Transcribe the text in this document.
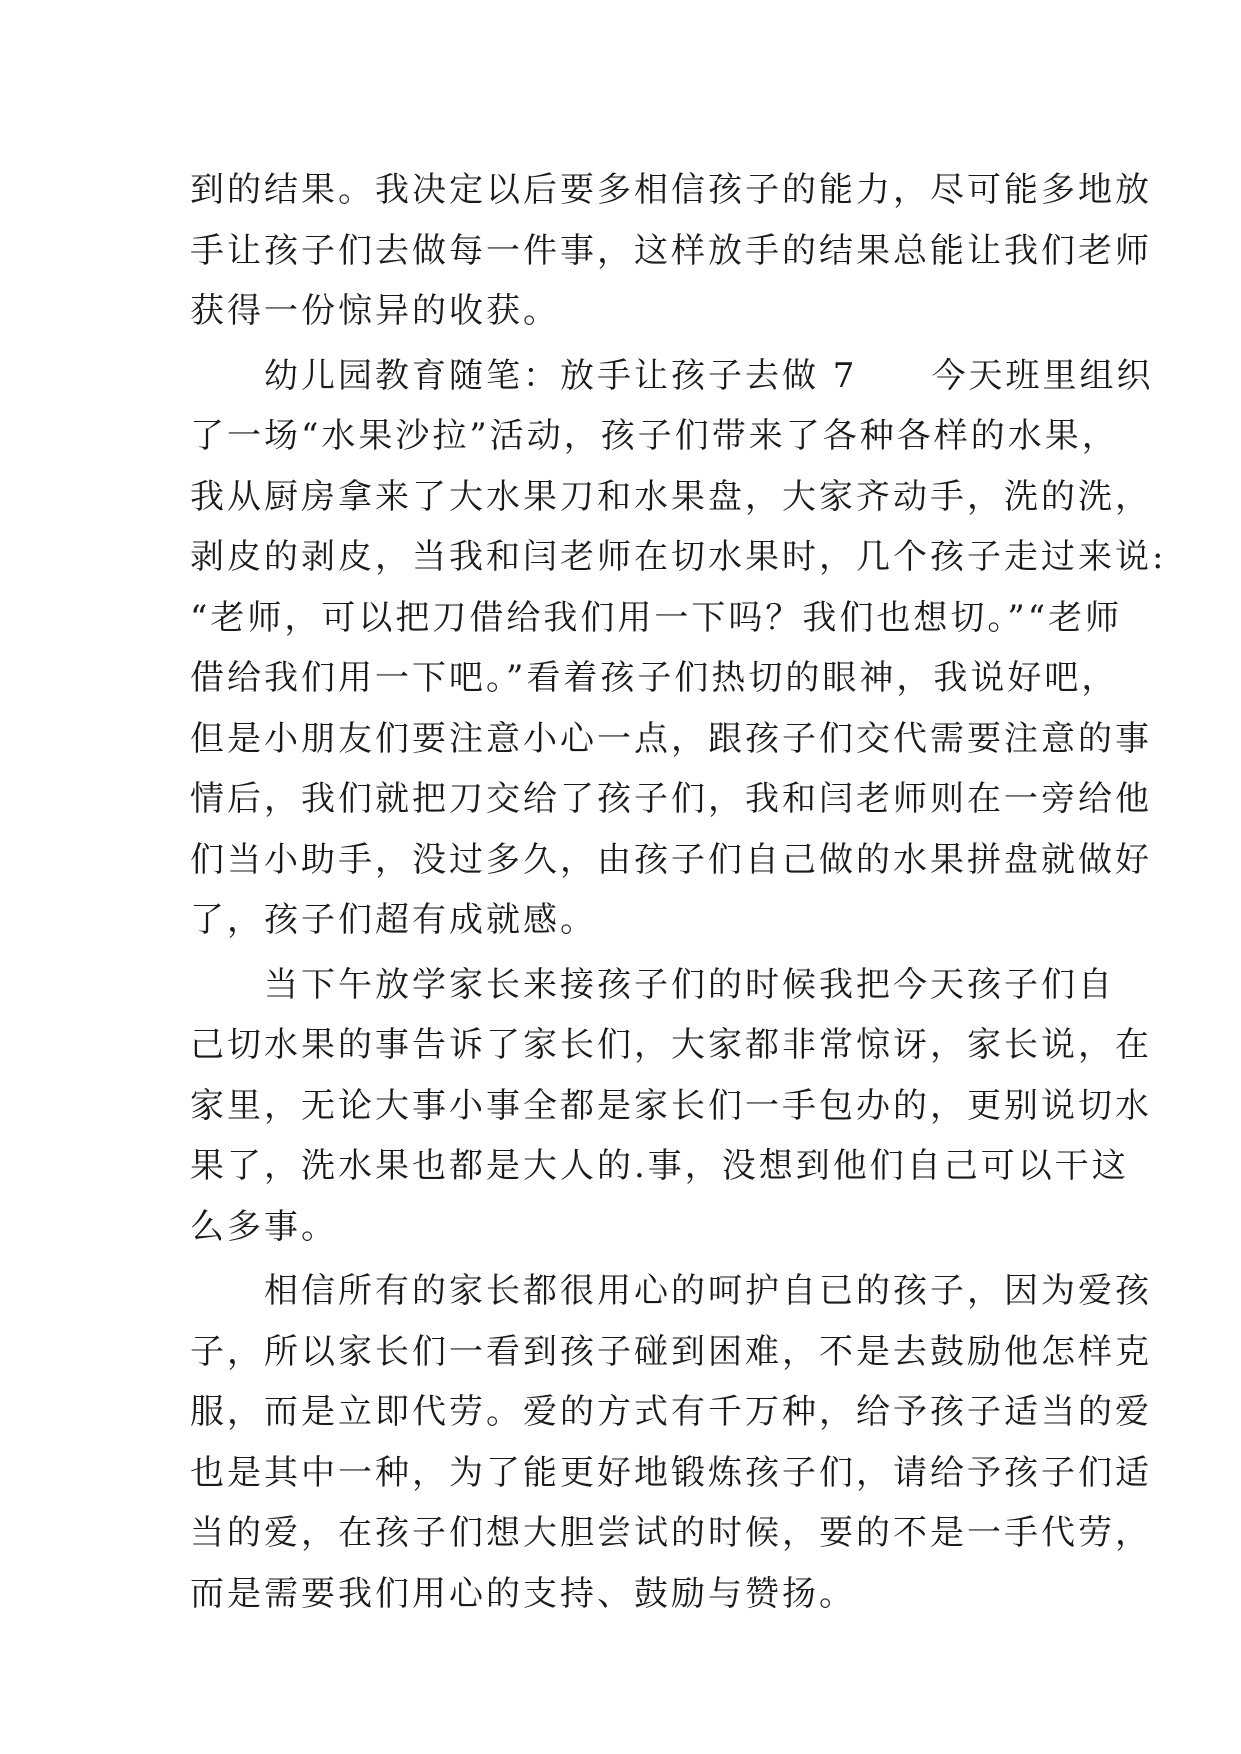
到的结果。我决定以后要多相信孩子的能力，尽可能多地放
手让孩子们去做每一件事，这样放手的结果总能让我们老师
获得一份惊异的收获。
　　幼儿园教育随笔：放手让孩子去做 7　　今天班里组织
了一场“水果沙拉”活动，孩子们带来了各种各样的水果，
我从厨房拿来了大水果刀和水果盘，大家齐动手，洗的洗，
剥皮的剥皮，当我和闫老师在切水果时，几个孩子走过来说:
“老师，可以把刀借给我们用一下吗？我们也想切。”“老师
借给我们用一下吧。”看着孩子们热切的眼神，我说好吧，
但是小朋友们要注意小心一点，跟孩子们交代需要注意的事
情后，我们就把刀交给了孩子们，我和闫老师则在一旁给他
们当小助手，没过多久，由孩子们自己做的水果拼盘就做好
了，孩子们超有成就感。
　　当下午放学家长来接孩子们的时候我把今天孩子们自
己切水果的事告诉了家长们，大家都非常惊讶，家长说，在
家里，无论大事小事全都是家长们一手包办的，更别说切水
果了，洗水果也都是大人的.事，没想到他们自己可以干这
么多事。
　　相信所有的家长都很用心的呵护自已的孩子，因为爱孩
子，所以家长们一看到孩子碰到困难，不是去鼓励他怎样克
服，而是立即代劳。爱的方式有千万种，给予孩子适当的爱
也是其中一种，为了能更好地锻炼孩子们，请给予孩子们适
当的爱，在孩子们想大胆尝试的时候，要的不是一手代劳，
而是需要我们用心的支持、鼓励与赞扬。
